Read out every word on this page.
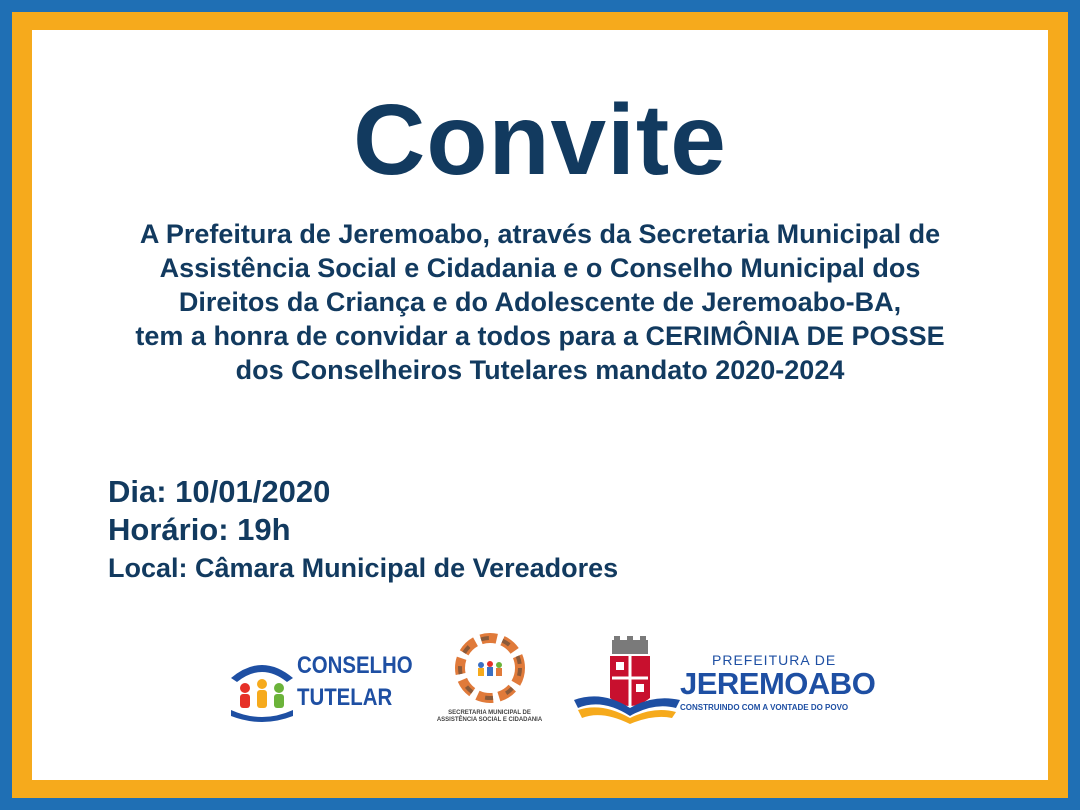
Convite
A Prefeitura de Jeremoabo, através da Secretaria Municipal de
Assistência Social e Cidadania e o Conselho Municipal dos
Direitos da Criança e do Adolescente de Jeremoabo-BA,
tem a honra de convidar a todos para a CERIMÔNIA DE POSSE
dos Conselheiros Tutelares mandato 2020-2024
Dia: 10/01/2020
Horário: 19h
Local: Câmara Municipal de Vereadores
CONSELHO
TUTELAR
SECRETARIA MUNICIPAL DE
ASSISTÊNCIA SOCIAL E CIDADANIA
PREFEITURA DE
JEREMOABO
CONSTRUINDO COM A VONTADE DO POVO
